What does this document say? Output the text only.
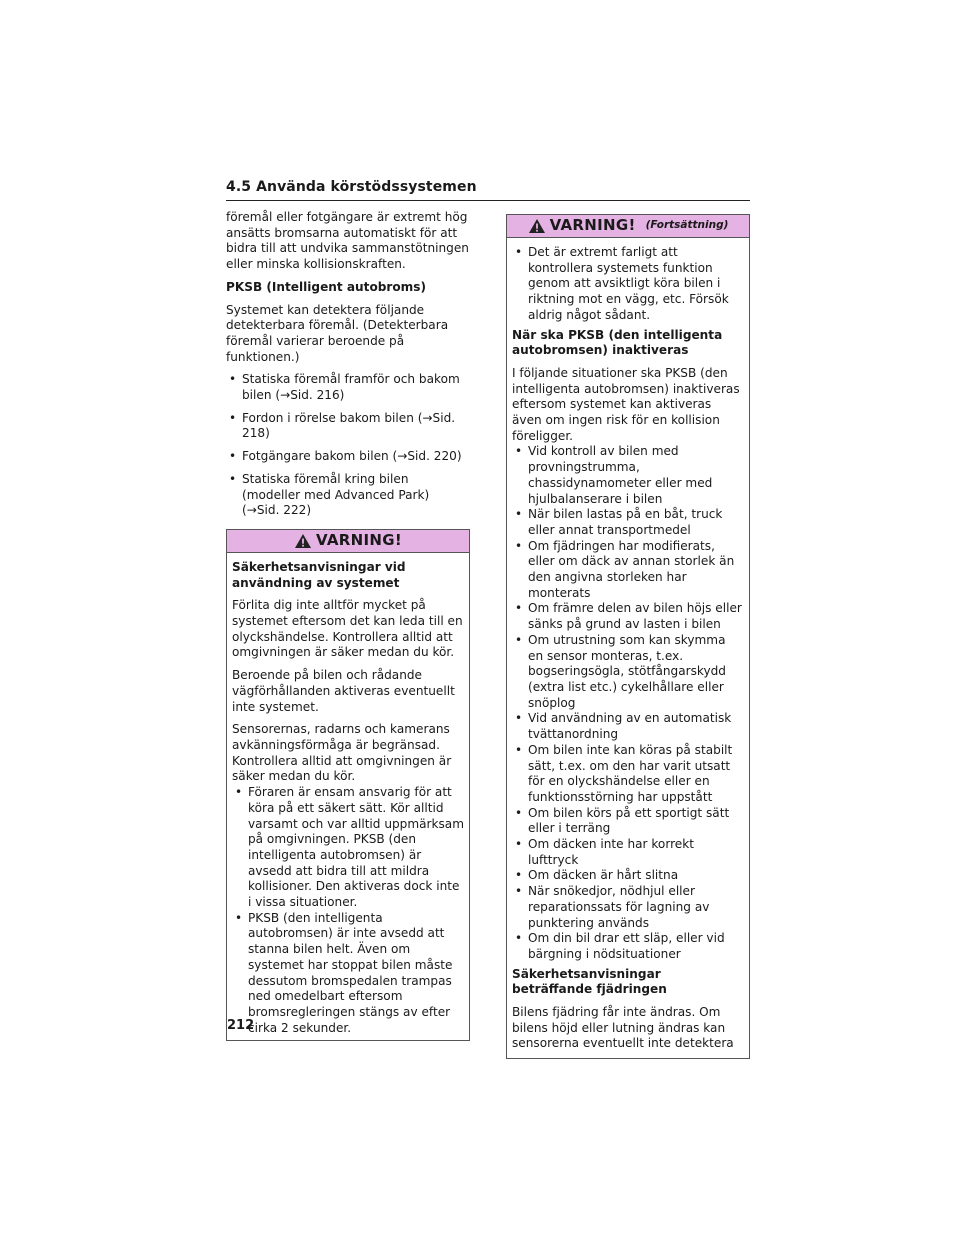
4.5 Använda körstödssystemen

föremål eller fotgängare är extremt hög ansätts bromsarna automatiskt för att bidra till att undvika sammanstötningen eller minska kollisionskraften.

PKSB (Intelligent autobroms)

Systemet kan detektera följande detekterbara föremål. (Detekterbara föremål varierar beroende på funktionen.)

• Statiska föremål framför och bakom bilen (→Sid. 216)
• Fordon i rörelse bakom bilen (→Sid. 218)
• Fotgängare bakom bilen (→Sid. 220)
• Statiska föremål kring bilen (modeller med Advanced Park) (→Sid. 222)
VARNING!

Säkerhetsanvisningar vid användning av systemet

Förlita dig inte alltför mycket på systemet eftersom det kan leda till en olyckshändelse. Kontrollera alltid att omgivningen är säker medan du kör.

Beroende på bilen och rådande vägförhållanden aktiveras eventuellt inte systemet.

Sensorernas, radarns och kamerans avkänningsförmåga är begränsad. Kontrollera alltid att omgivningen är säker medan du kör.

• Föraren är ensam ansvarig för att köra på ett säkert sätt. Kör alltid varsamt och var alltid uppmärksam på omgivningen. PKSB (den intelligenta autobromsen) är avsedd att bidra till att mildra kollisioner. Den aktiveras dock inte i vissa situationer.
• PKSB (den intelligenta autobromsen) är inte avsedd att stanna bilen helt. Även om systemet har stoppat bilen måste dessutom bromspedalen trampas ned omedelbart eftersom bromsregleringen stängs av efter cirka 2 sekunder.
VARNING! (Fortsättning)
• Det är extremt farligt att kontrollera systemets funktion genom att avsiktligt köra bilen i riktning mot en vägg, etc. Försök aldrig något sådant.

När ska PKSB (den intelligenta autobromsen) inaktiveras

I följande situationer ska PKSB (den intelligenta autobromsen) inaktiveras eftersom systemet kan aktiveras även om ingen risk för en kollision föreligger.

• Vid kontroll av bilen med provningstrumma, chassidynamometer eller med hjulbalanserare i bilen
• När bilen lastas på en båt, truck eller annat transportmedel
• Om fjädringen har modifierats, eller om däck av annan storlek än den angivna storleken har monterats
• Om främre delen av bilen höjs eller sänks på grund av lasten i bilen
• Om utrustning som kan skymma en sensor monteras, t.ex. bogseringsögla, stötfångarskydd (extra list etc.) cykelhållare eller snöplog
• Vid användning av en automatisk tvättanordning
• Om bilen inte kan köras på stabilt sätt, t.ex. om den har varit utsatt för en olyckshändelse eller en funktionsstörning har uppstått
• Om bilen körs på ett sportigt sätt eller i terräng
• Om däcken inte har korrekt lufttryck
• Om däcken är hårt slitna
• När snökedjor, nödhjul eller reparationssats för lagning av punktering används
• Om din bil drar ett släp, eller vid bärgning i nödsituationer

Säkerhetsanvisningar beträffande fjädringen

Bilens fjädring får inte ändras. Om bilens höjd eller lutning ändras kan sensorerna eventuellt inte detektera

212
